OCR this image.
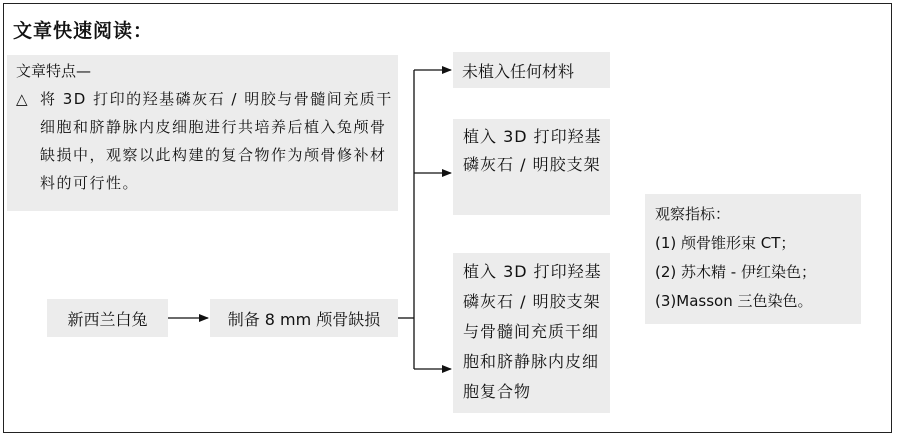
文章快速阅读：
文章特点—
△ 将 3D 打印的羟基磷灰石 / 明胶与骨髓间充质干细胞和脐静脉内皮细胞进行共培养后植入兔颅骨缺损中，观察以此构建的复合物作为颅骨修补材料的可行性。
新西兰白兔	制备 8 mm 颅骨缺损
未植入任何材料
植入 3D 打印羟基磷灰石 / 明胶支架
植入 3D 打印羟基磷灰石 / 明胶支架与骨髓间充质干细胞和脐静脉内皮细胞复合物
观察指标：
(1) 颅骨锥形束 CT；
(2) 苏木精 - 伊红染色；
(3)Masson 三色染色。
